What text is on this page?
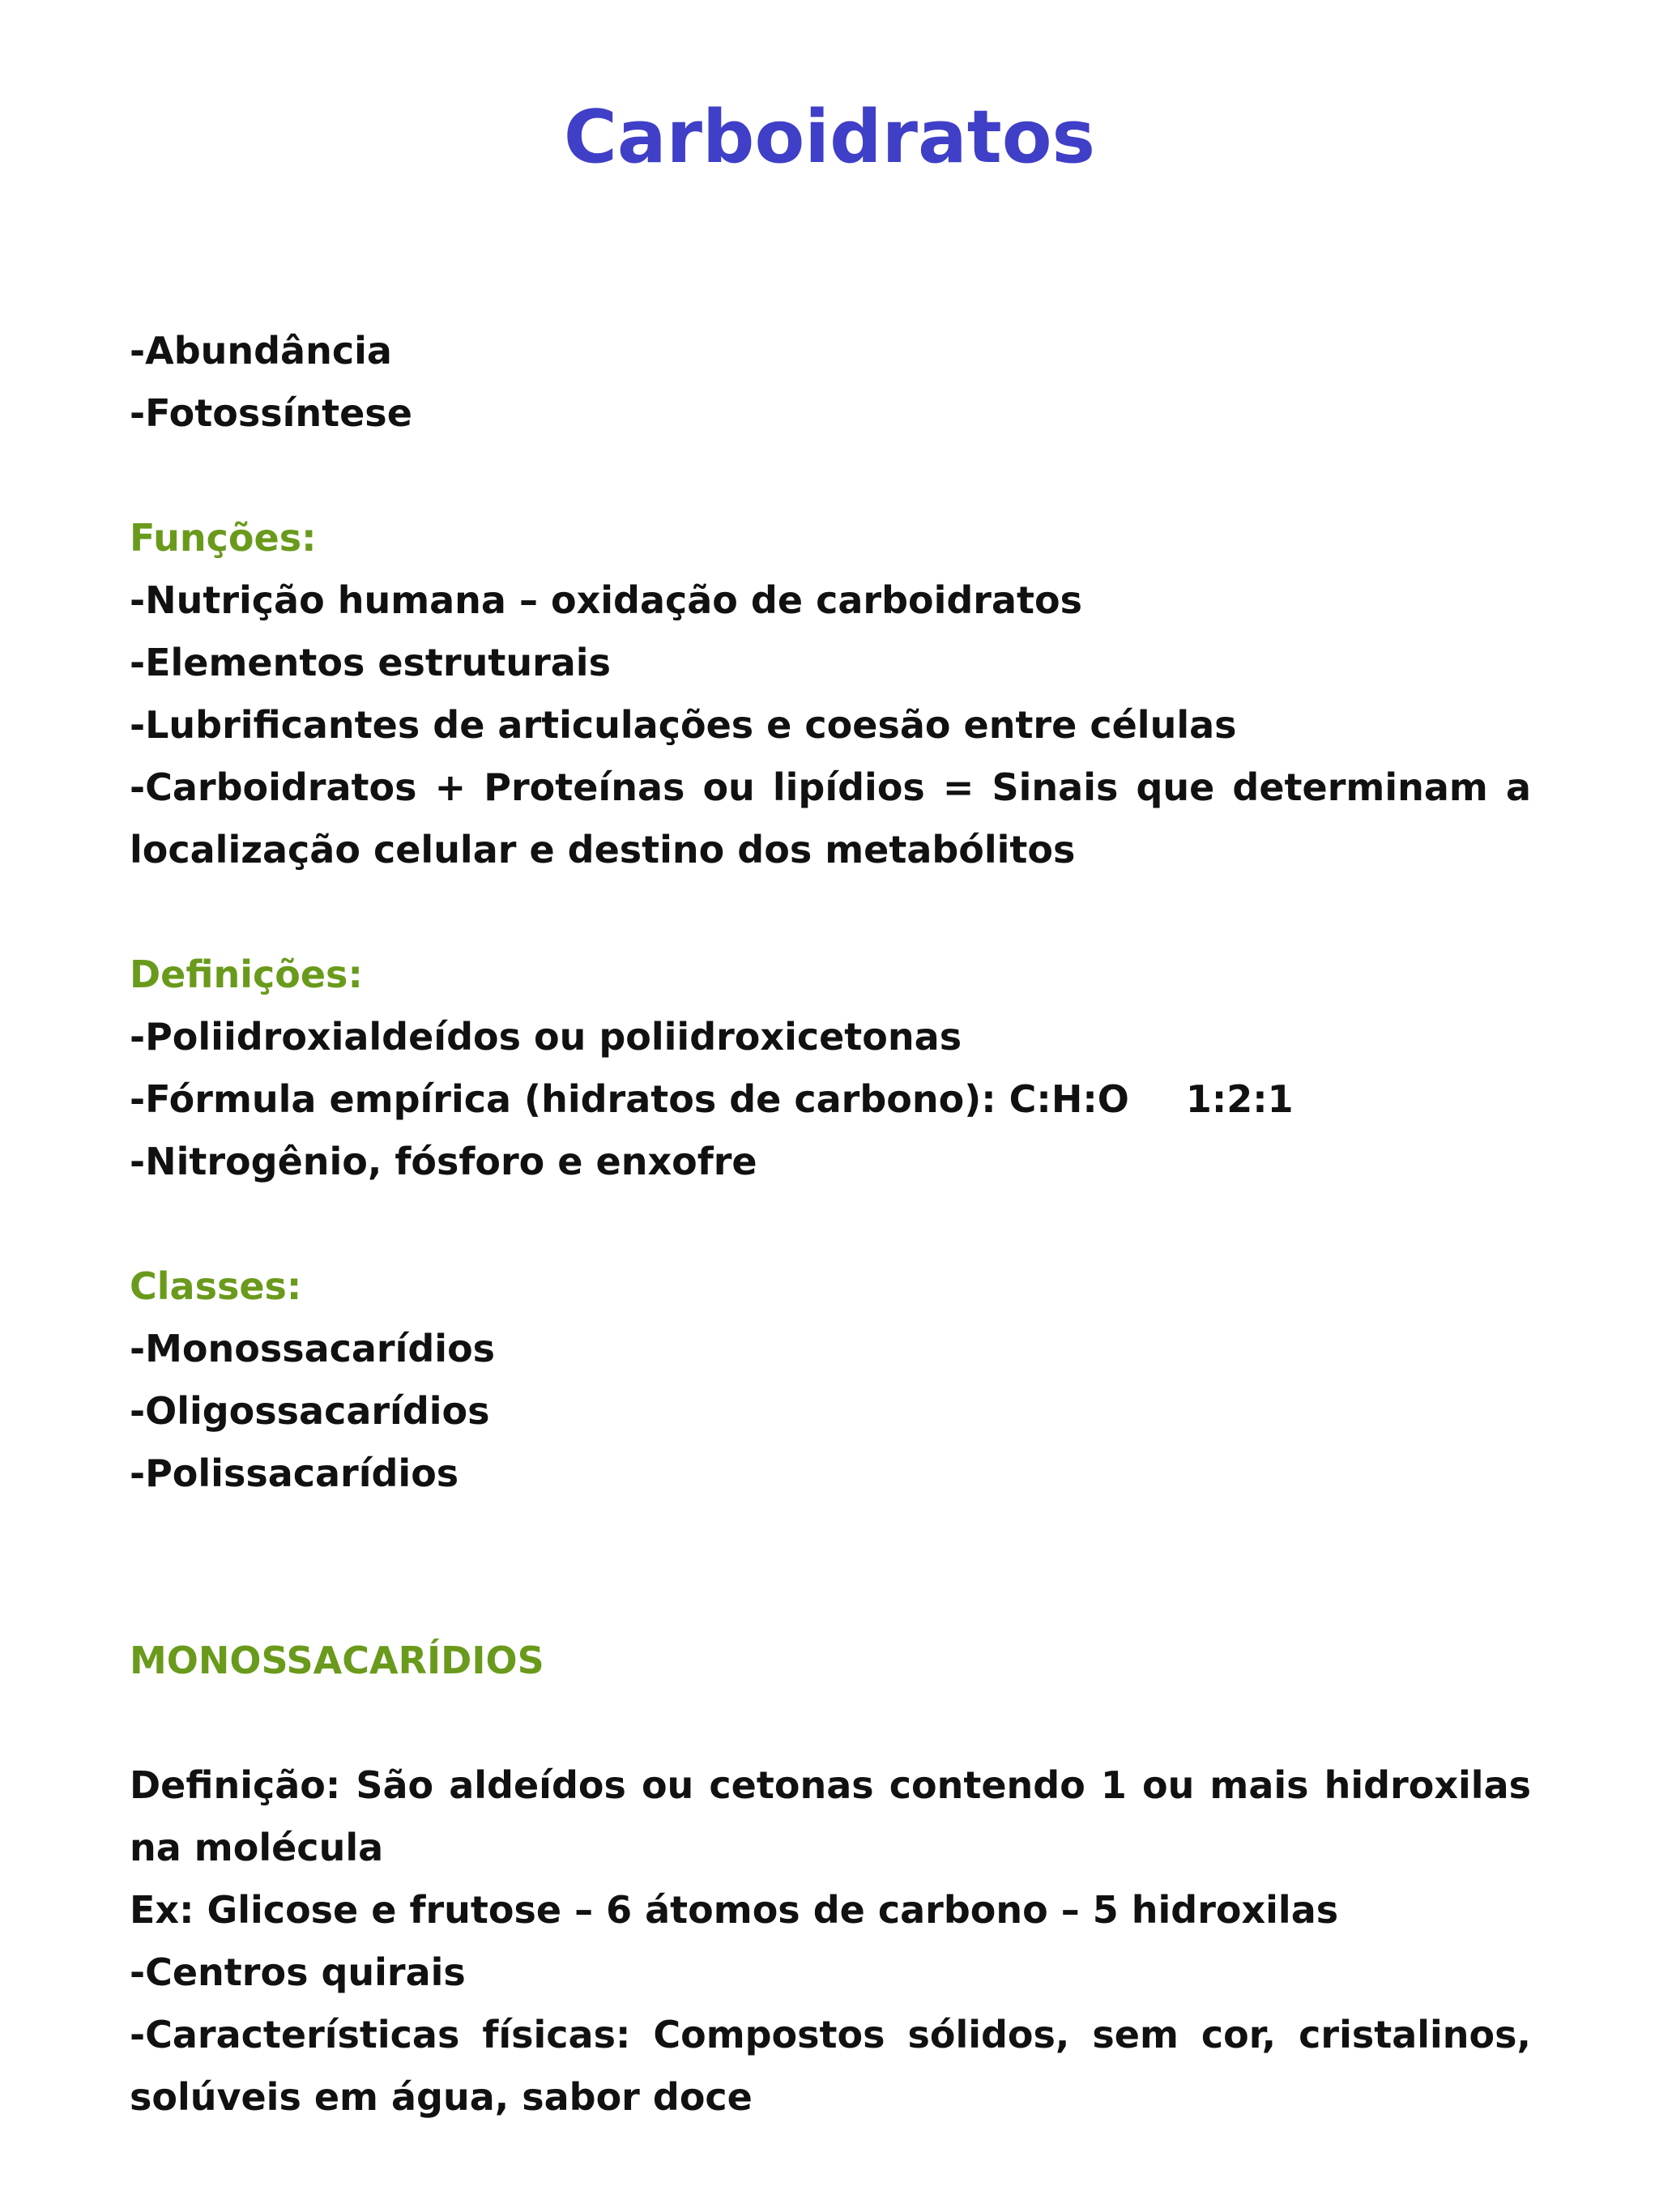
Carboidratos
-Abundância
-Fotossíntese
Funções:
-Nutrição humana – oxidação de carboidratos
-Elementos estruturais
-Lubrificantes de articulações e coesão entre células
-Carboidratos + Proteínas ou lipídios = Sinais que determinam a localização celular e destino dos metabólitos
Definições:
-Poliidroxialdeídos ou poliidroxicetonas
-Fórmula empírica (hidratos de carbono): C:H:O 1:2:1
-Nitrogênio, fósforo e enxofre
Classes:
-Monossacarídios
-Oligossacarídios
-Polissacarídios
MONOSSACARÍDIOS
Definição: São aldeídos ou cetonas contendo 1 ou mais hidroxilas na molécula
Ex: Glicose e frutose – 6 átomos de carbono – 5 hidroxilas
-Centros quirais
-Características físicas: Compostos sólidos, sem cor, cristalinos, solúveis em água, sabor doce
